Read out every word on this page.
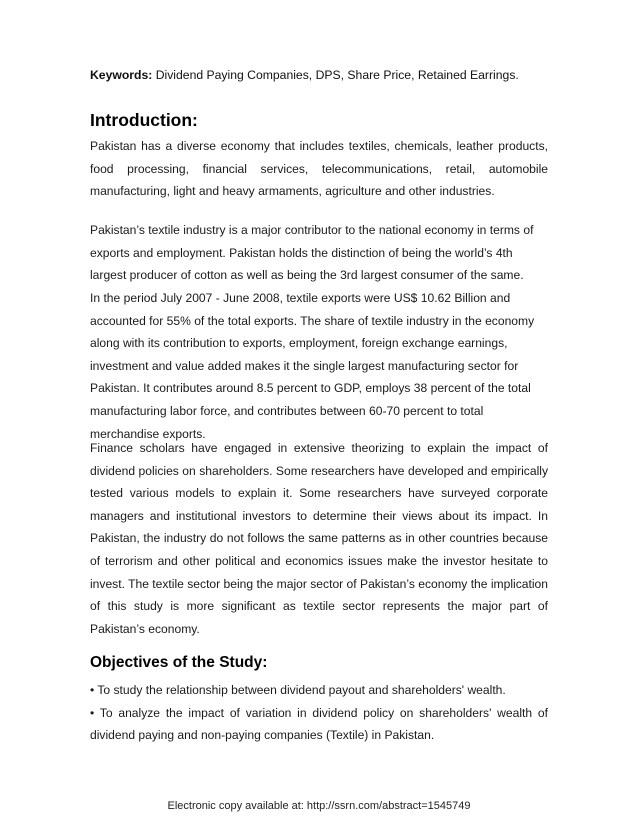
Keywords: Dividend Paying Companies, DPS, Share Price, Retained Earrings.
Introduction:

Pakistan has a diverse economy that includes textiles, chemicals, leather products, food processing, financial services, telecommunications, retail, automobile manufacturing, light and heavy armaments, agriculture and other industries.

Pakistan’s textile industry is a major contributor to the national economy in terms of exports and employment. Pakistan holds the distinction of being the world’s 4th largest producer of cotton as well as being the 3rd largest consumer of the same.

In the period July 2007 - June 2008, textile exports were US$ 10.62 Billion and accounted for 55% of the total exports. The share of textile industry in the economy along with its contribution to exports, employment, foreign exchange earnings, investment and value added makes it the single largest manufacturing sector for Pakistan. It contributes around 8.5 percent to GDP, employs 38 percent of the total manufacturing labor force, and contributes between 60-70 percent to total merchandise exports.

Finance scholars have engaged in extensive theorizing to explain the impact of dividend policies on shareholders. Some researchers have developed and empirically tested various models to explain it. Some researchers have surveyed corporate managers and institutional investors to determine their views about its impact. In Pakistan, the industry do not follows the same patterns as in other countries because of terrorism and other political and economics issues make the investor hesitate to invest. The textile sector being the major sector of Pakistan’s economy the implication of this study is more significant as textile sector represents the major part of Pakistan’s economy.

Objectives of the Study:
• To study the relationship between dividend payout and shareholders' wealth.
• To analyze the impact of variation in dividend policy on shareholders' wealth of dividend paying and non-paying companies (Textile) in Pakistan.
Electronic copy available at: http://ssrn.com/abstract=1545749
